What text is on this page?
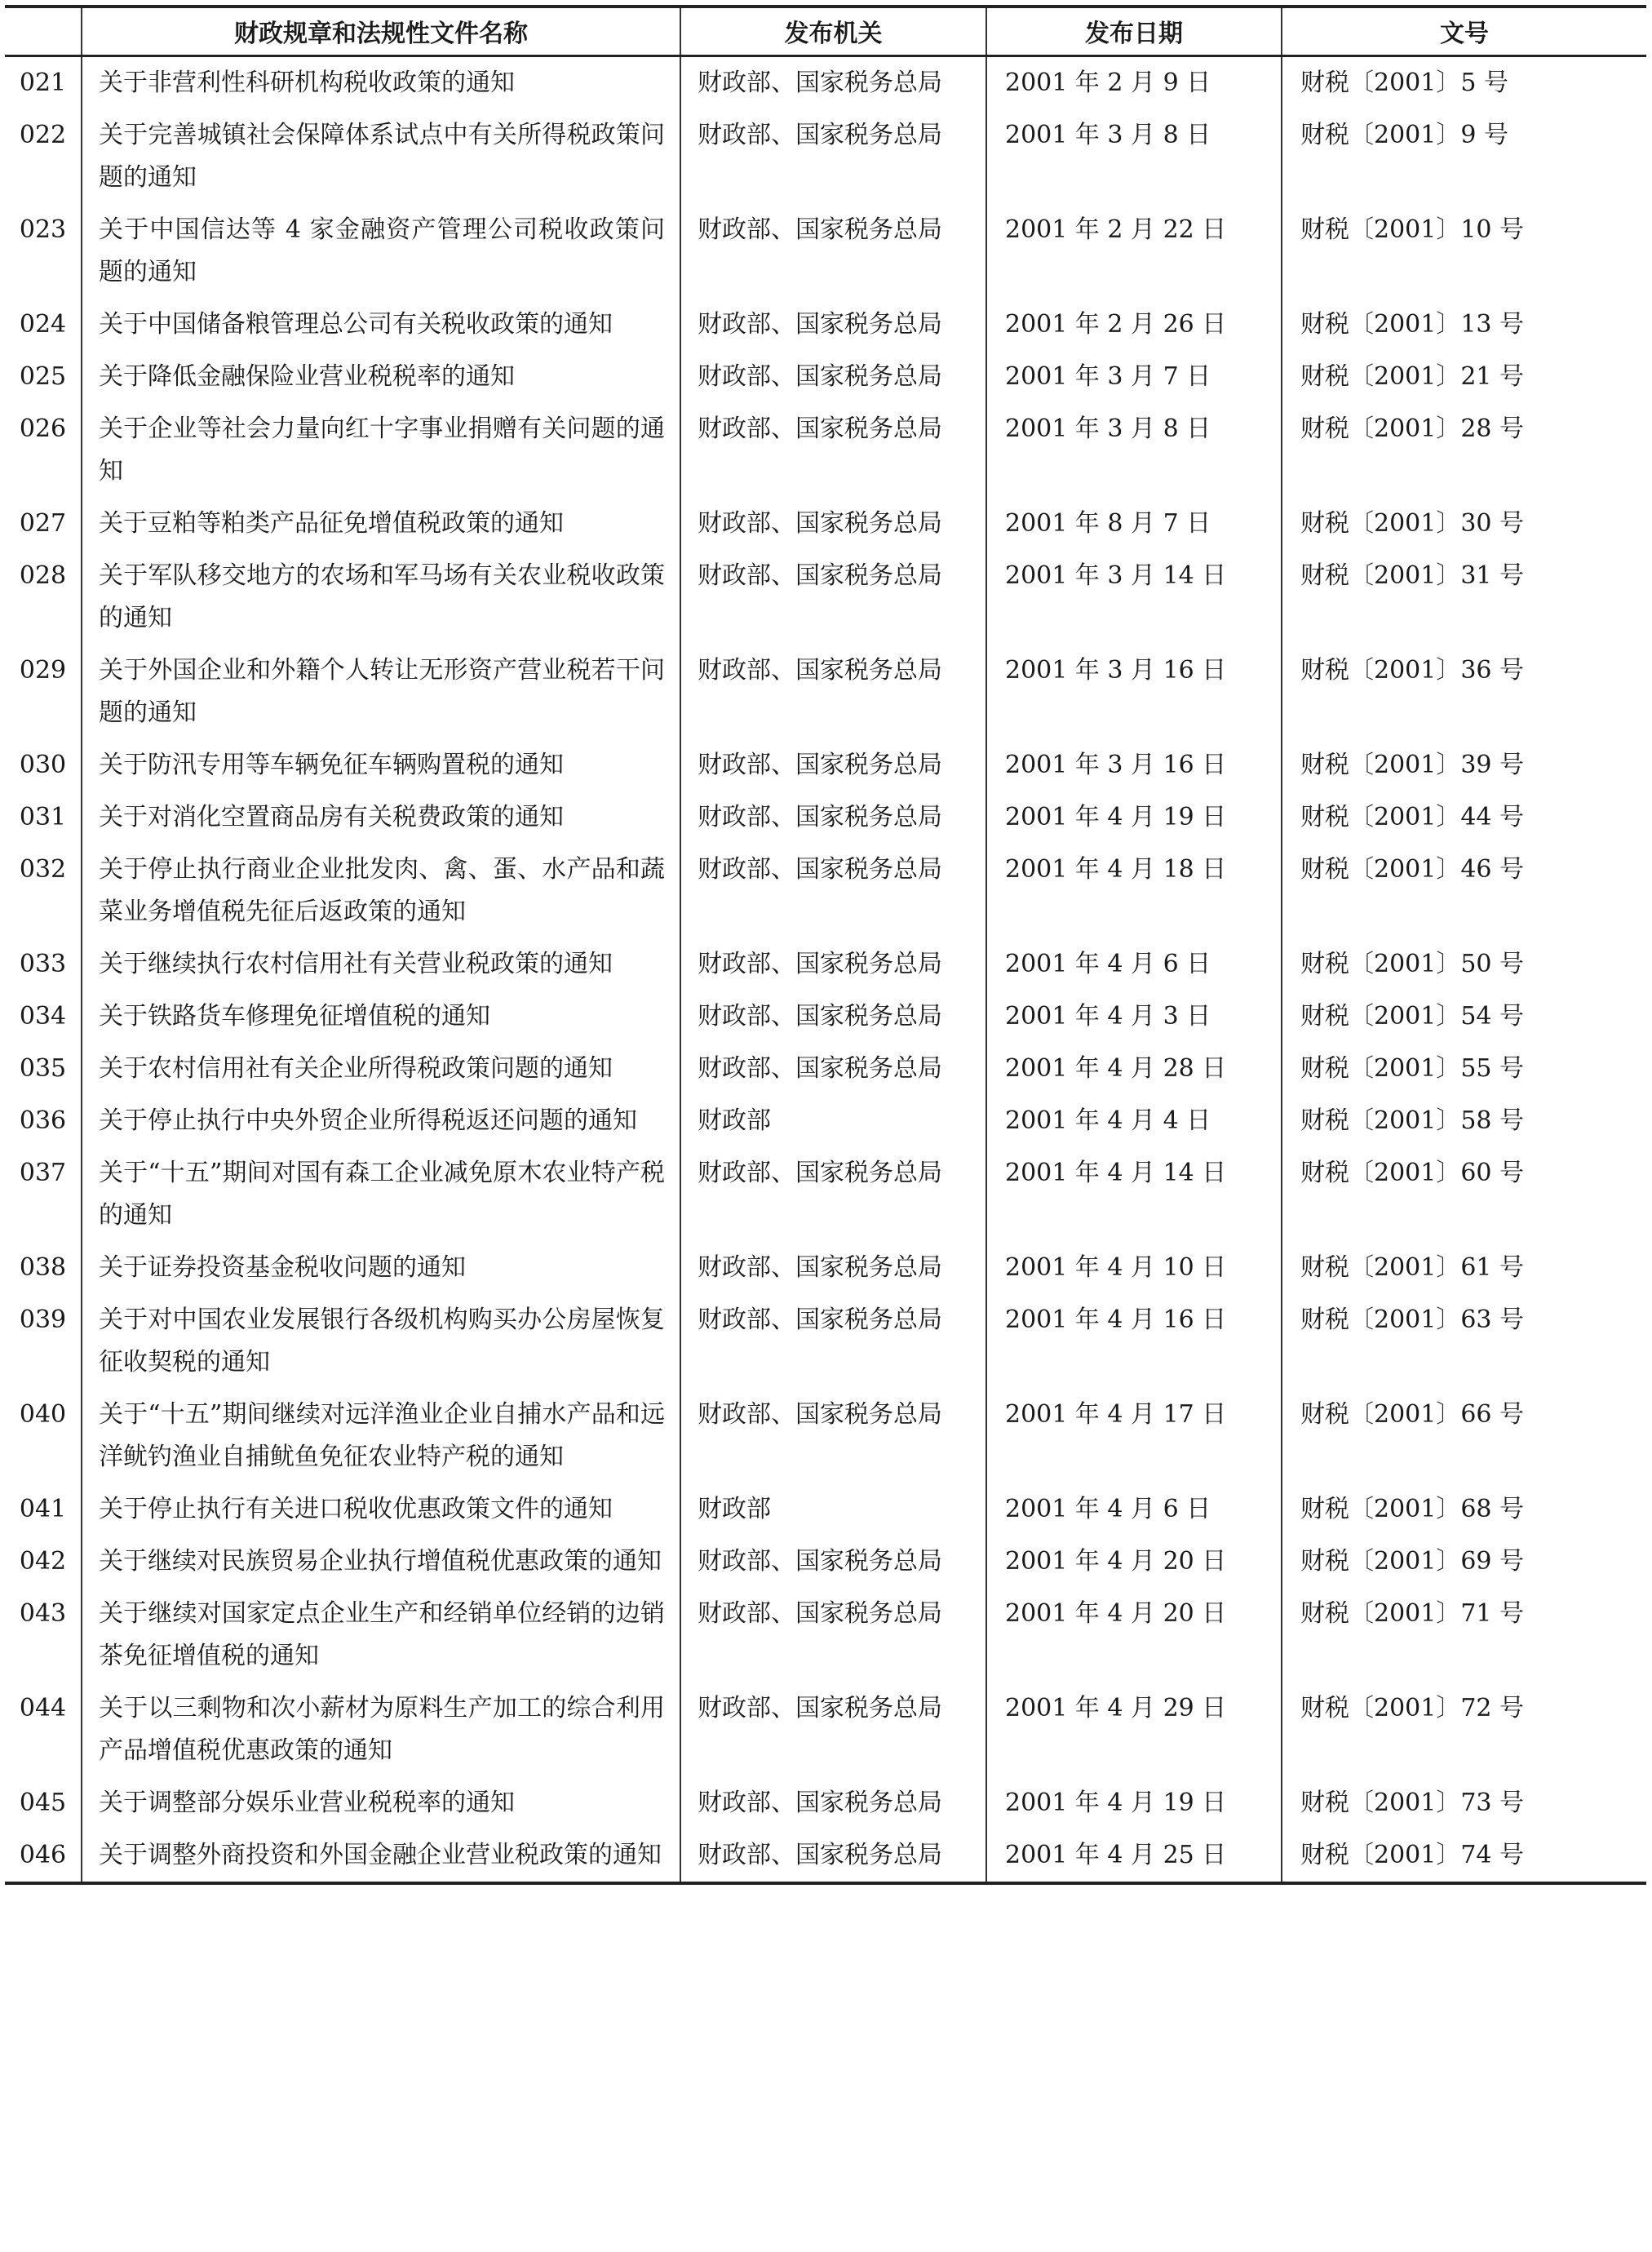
	财政规章和法规性文件名称	发布机关	发布日期	文号
021	关于非营利性科研机构税收政策的通知	财政部、国家税务总局	2001 年 2 月 9 日	财税〔2001〕5 号
022	关于完善城镇社会保障体系试点中有关所得税政策问题的通知	财政部、国家税务总局	2001 年 3 月 8 日	财税〔2001〕9 号
023	关于中国信达等 4 家金融资产管理公司税收政策问题的通知	财政部、国家税务总局	2001 年 2 月 22 日	财税〔2001〕10 号
024	关于中国储备粮管理总公司有关税收政策的通知	财政部、国家税务总局	2001 年 2 月 26 日	财税〔2001〕13 号
025	关于降低金融保险业营业税税率的通知	财政部、国家税务总局	2001 年 3 月 7 日	财税〔2001〕21 号
026	关于企业等社会力量向红十字事业捐赠有关问题的通知	财政部、国家税务总局	2001 年 3 月 8 日	财税〔2001〕28 号
027	关于豆粕等粕类产品征免增值税政策的通知	财政部、国家税务总局	2001 年 8 月 7 日	财税〔2001〕30 号
028	关于军队移交地方的农场和军马场有关农业税收政策的通知	财政部、国家税务总局	2001 年 3 月 14 日	财税〔2001〕31 号
029	关于外国企业和外籍个人转让无形资产营业税若干问题的通知	财政部、国家税务总局	2001 年 3 月 16 日	财税〔2001〕36 号
030	关于防汛专用等车辆免征车辆购置税的通知	财政部、国家税务总局	2001 年 3 月 16 日	财税〔2001〕39 号
031	关于对消化空置商品房有关税费政策的通知	财政部、国家税务总局	2001 年 4 月 19 日	财税〔2001〕44 号
032	关于停止执行商业企业批发肉、禽、蛋、水产品和蔬菜业务增值税先征后返政策的通知	财政部、国家税务总局	2001 年 4 月 18 日	财税〔2001〕46 号
033	关于继续执行农村信用社有关营业税政策的通知	财政部、国家税务总局	2001 年 4 月 6 日	财税〔2001〕50 号
034	关于铁路货车修理免征增值税的通知	财政部、国家税务总局	2001 年 4 月 3 日	财税〔2001〕54 号
035	关于农村信用社有关企业所得税政策问题的通知	财政部、国家税务总局	2001 年 4 月 28 日	财税〔2001〕55 号
036	关于停止执行中央外贸企业所得税返还问题的通知	财政部	2001 年 4 月 4 日	财税〔2001〕58 号
037	关于“十五”期间对国有森工企业减免原木农业特产税的通知	财政部、国家税务总局	2001 年 4 月 14 日	财税〔2001〕60 号
038	关于证券投资基金税收问题的通知	财政部、国家税务总局	2001 年 4 月 10 日	财税〔2001〕61 号
039	关于对中国农业发展银行各级机构购买办公房屋恢复征收契税的通知	财政部、国家税务总局	2001 年 4 月 16 日	财税〔2001〕63 号
040	关于“十五”期间继续对远洋渔业企业自捕水产品和远洋鱿钓渔业自捕鱿鱼免征农业特产税的通知	财政部、国家税务总局	2001 年 4 月 17 日	财税〔2001〕66 号
041	关于停止执行有关进口税收优惠政策文件的通知	财政部	2001 年 4 月 6 日	财税〔2001〕68 号
042	关于继续对民族贸易企业执行增值税优惠政策的通知	财政部、国家税务总局	2001 年 4 月 20 日	财税〔2001〕69 号
043	关于继续对国家定点企业生产和经销单位经销的边销茶免征增值税的通知	财政部、国家税务总局	2001 年 4 月 20 日	财税〔2001〕71 号
044	关于以三剩物和次小薪材为原料生产加工的综合利用产品增值税优惠政策的通知	财政部、国家税务总局	2001 年 4 月 29 日	财税〔2001〕72 号
045	关于调整部分娱乐业营业税税率的通知	财政部、国家税务总局	2001 年 4 月 19 日	财税〔2001〕73 号
046	关于调整外商投资和外国金融企业营业税政策的通知	财政部、国家税务总局	2001 年 4 月 25 日	财税〔2001〕74 号
